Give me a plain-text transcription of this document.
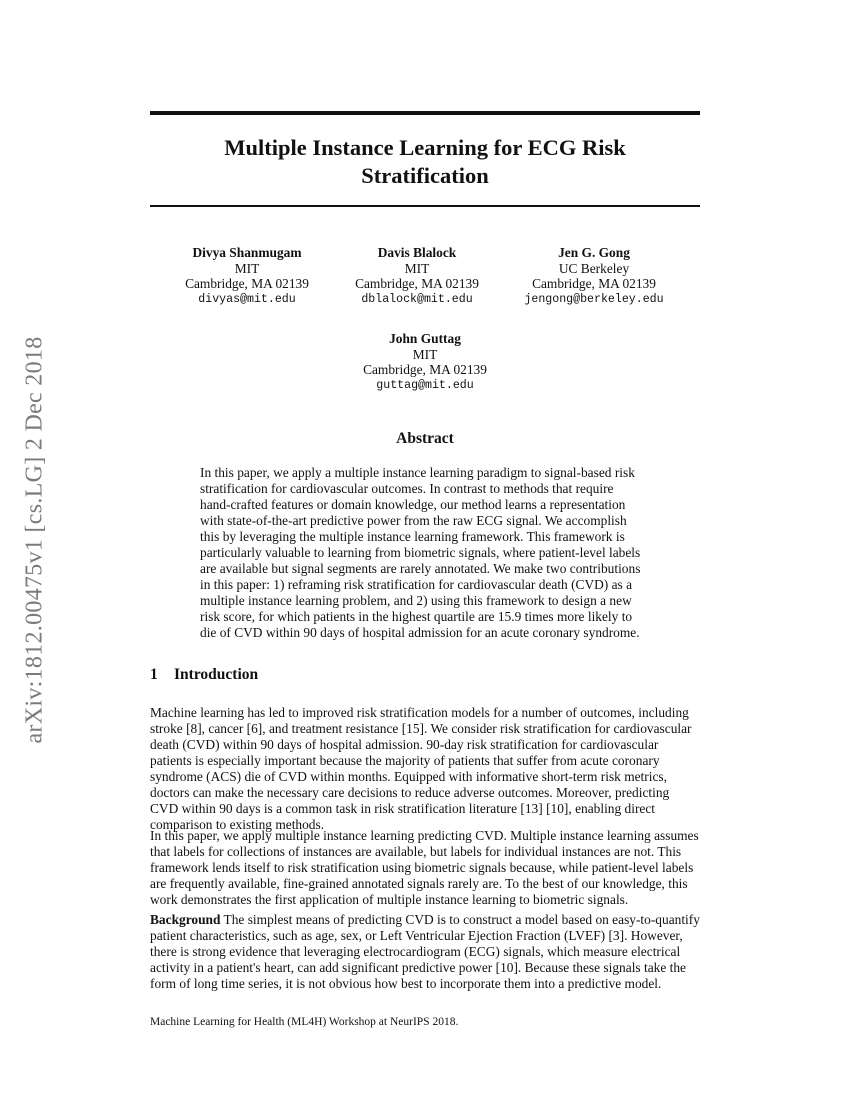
arXiv:1812.00475v1 [cs.LG] 2 Dec 2018
Multiple Instance Learning for ECG Risk
Stratification
Divya Shanmugam
MIT
Cambridge, MA 02139
divyas@mit.edu
Davis Blalock
MIT
Cambridge, MA 02139
dblalock@mit.edu
Jen G. Gong
UC Berkeley
Cambridge, MA 02139
jengong@berkeley.edu
John Guttag
MIT
Cambridge, MA 02139
guttag@mit.edu
Abstract

In this paper, we apply a multiple instance learning paradigm to signal-based risk
stratification for cardiovascular outcomes. In contrast to methods that require
hand-crafted features or domain knowledge, our method learns a representation
with state-of-the-art predictive power from the raw ECG signal. We accomplish
this by leveraging the multiple instance learning framework. This framework is
particularly valuable to learning from biometric signals, where patient-level labels
are available but signal segments are rarely annotated. We make two contributions
in this paper: 1) reframing risk stratification for cardiovascular death (CVD) as a
multiple instance learning problem, and 2) using this framework to design a new
risk score, for which patients in the highest quartile are 15.9 times more likely to
die of CVD within 90 days of hospital admission for an acute coronary syndrome.

1 Introduction

Machine learning has led to improved risk stratification models for a number of outcomes, including
stroke [8], cancer [6], and treatment resistance [15]. We consider risk stratification for cardiovascular
death (CVD) within 90 days of hospital admission. 90-day risk stratification for cardiovascular
patients is especially important because the majority of patients that suffer from acute coronary
syndrome (ACS) die of CVD within months. Equipped with informative short-term risk metrics,
doctors can make the necessary care decisions to reduce adverse outcomes. Moreover, predicting
CVD within 90 days is a common task in risk stratification literature [13] [10], enabling direct
comparison to existing methods.

In this paper, we apply multiple instance learning predicting CVD. Multiple instance learning assumes
that labels for collections of instances are available, but labels for individual instances are not. This
framework lends itself to risk stratification using biometric signals because, while patient-level labels
are frequently available, fine-grained annotated signals rarely are. To the best of our knowledge, this
work demonstrates the first application of multiple instance learning to biometric signals.

Background The simplest means of predicting CVD is to construct a model based on easy-to-quantify
patient characteristics, such as age, sex, or Left Ventricular Ejection Fraction (LVEF) [3]. However,
there is strong evidence that leveraging electrocardiogram (ECG) signals, which measure electrical
activity in a patient's heart, can add significant predictive power [10]. Because these signals take the
form of long time series, it is not obvious how best to incorporate them into a predictive model.

Machine Learning for Health (ML4H) Workshop at NeurIPS 2018.
